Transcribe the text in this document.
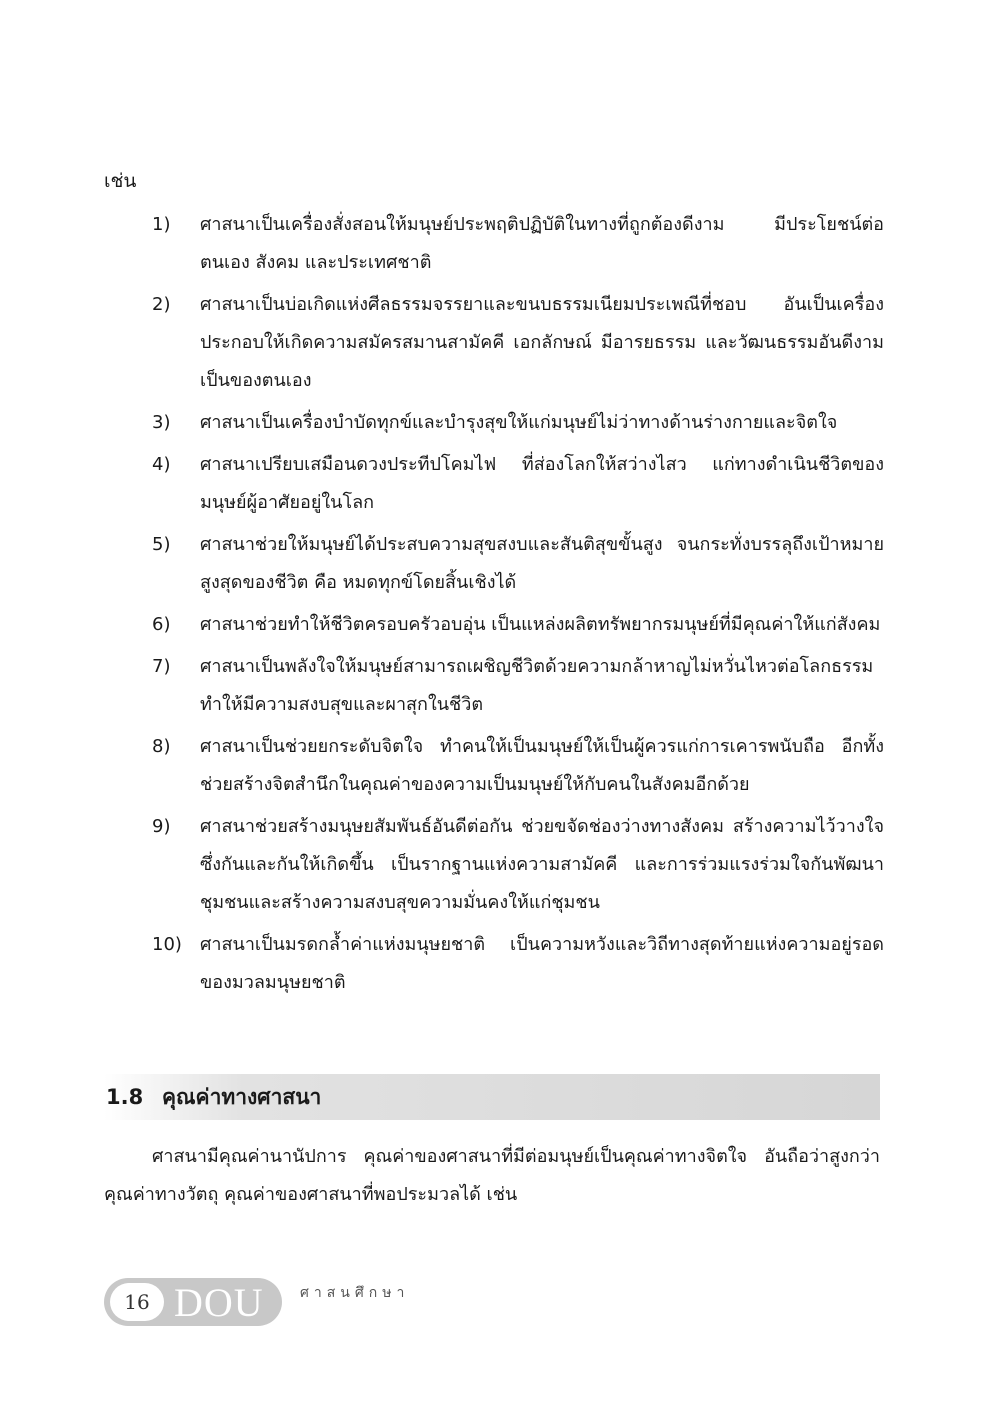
เช่น
1)	ศาสนาเป็นเครื่องสั่งสอนให้มนุษย์ประพฤติปฏิบัติในทางที่ถูกต้องดีงาม มีประโยชน์ต่อตนเอง สังคม และประเทศชาติ
2)	ศาสนาเป็นบ่อเกิดแห่งศีลธรรมจรรยาและขนบธรรมเนียมประเพณีที่ชอบ อันเป็นเครื่องประกอบให้เกิดความสมัครสมานสามัคคี เอกลักษณ์ มีอารยธรรม และวัฒนธรรมอันดีงามเป็นของตนเอง
3)	ศาสนาเป็นเครื่องบำบัดทุกข์และบำรุงสุขให้แก่มนุษย์ไม่ว่าทางด้านร่างกายและจิตใจ
4)	ศาสนาเปรียบเสมือนดวงประทีปโคมไฟ ที่ส่องโลกให้สว่างไสว แก่ทางดำเนินชีวิตของมนุษย์ผู้อาศัยอยู่ในโลก
5)	ศาสนาช่วยให้มนุษย์ได้ประสบความสุขสงบและสันติสุขขั้นสูง จนกระทั่งบรรลุถึงเป้าหมายสูงสุดของชีวิต คือ หมดทุกข์โดยสิ้นเชิงได้
6)	ศาสนาช่วยทำให้ชีวิตครอบครัวอบอุ่น เป็นแหล่งผลิตทรัพยากรมนุษย์ที่มีคุณค่าให้แก่สังคม
7)	ศาสนาเป็นพลังใจให้มนุษย์สามารถเผชิญชีวิตด้วยความกล้าหาญไม่หวั่นไหวต่อโลกธรรมทำให้มีความสงบสุขและผาสุกในชีวิต
8)	ศาสนาเป็นช่วยยกระดับจิตใจ ทำคนให้เป็นมนุษย์ให้เป็นผู้ควรแก่การเคารพนับถือ อีกทั้งช่วยสร้างจิตสำนึกในคุณค่าของความเป็นมนุษย์ให้กับคนในสังคมอีกด้วย
9)	ศาสนาช่วยสร้างมนุษยสัมพันธ์อันดีต่อกัน ช่วยขจัดช่องว่างทางสังคม สร้างความไว้วางใจซึ่งกันและกันให้เกิดขึ้น เป็นรากฐานแห่งความสามัคคี และการร่วมแรงร่วมใจกันพัฒนาชุมชนและสร้างความสงบสุขความมั่นคงให้แก่ชุมชน
10)	ศาสนาเป็นมรดกล้ำค่าแห่งมนุษยชาติ เป็นความหวังและวิถีทางสุดท้ายแห่งความอยู่รอดของมวลมนุษยชาติ
1.8 คุณค่าทางศาสนา

ศาสนามีคุณค่านานัปการ คุณค่าของศาสนาที่มีต่อมนุษย์เป็นคุณค่าทางจิตใจ อันถือว่าสูงกว่าคุณค่าทางวัตถุ คุณค่าของศาสนาที่พอประมวลได้ เช่น

16 DOU	ศาสนศึกษา
